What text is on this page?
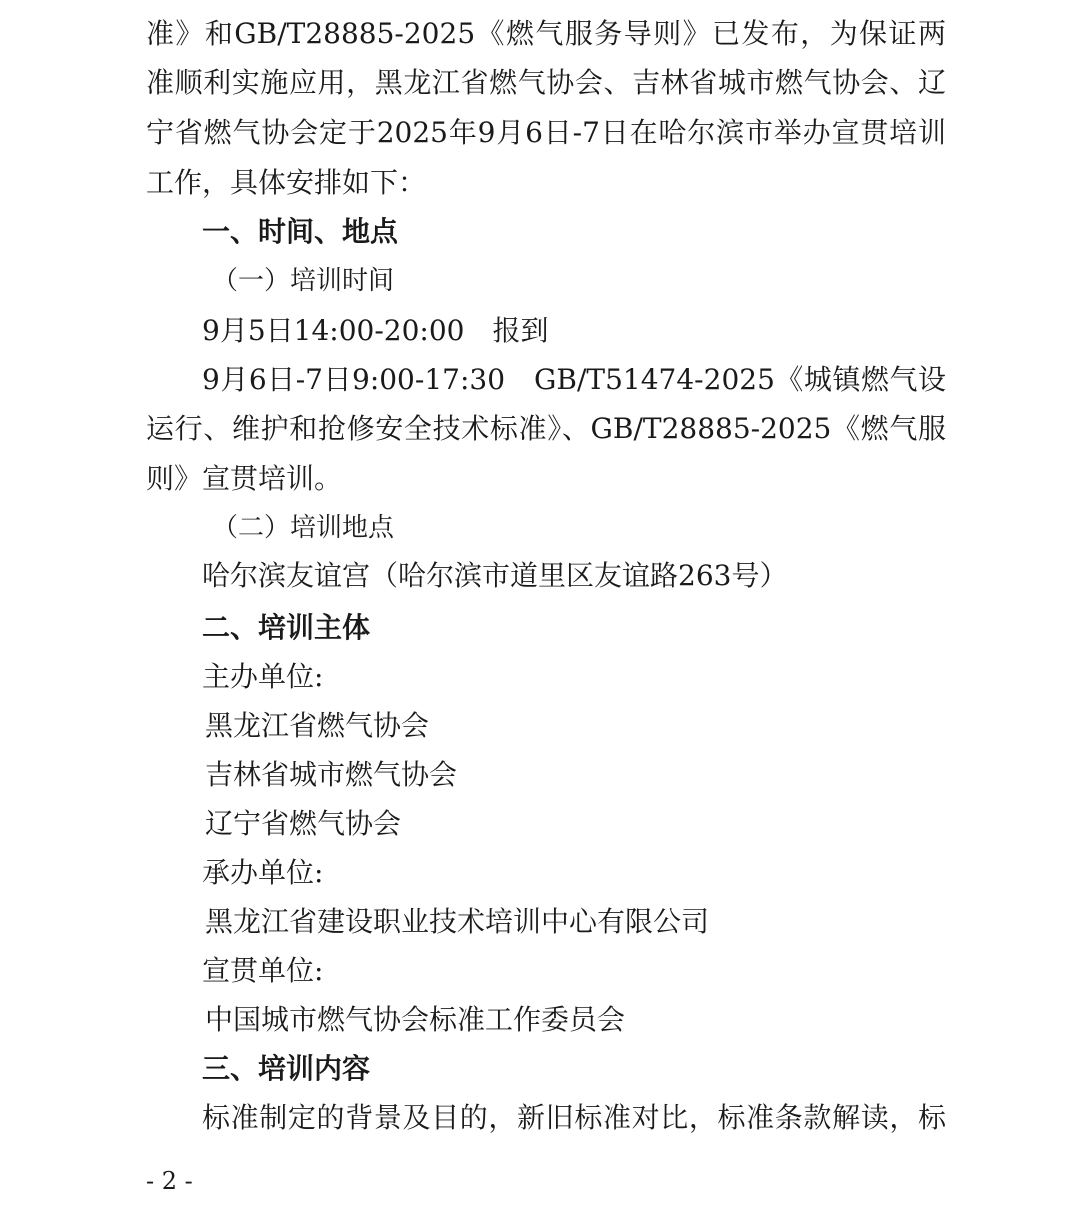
准》和GB/T28885-2025《燃气服务导则》已发布，为保证两
准顺利实施应用，黑龙江省燃气协会、吉林省城市燃气协会、辽
宁省燃气协会定于2025年9月6日-7日在哈尔滨市举办宣贯培训
工作，具体安排如下：
一、时间、地点
（一）培训时间
9月5日14:00-20:00　报到
9月6日-7日9:00-17:30　GB/T51474-2025《城镇燃气设
运行、维护和抢修安全技术标准》、GB/T28885-2025《燃气服
则》宣贯培训。
（二）培训地点
哈尔滨友谊宫（哈尔滨市道里区友谊路263号）
二、培训主体
主办单位:
黑龙江省燃气协会
吉林省城市燃气协会
辽宁省燃气协会
承办单位:
黑龙江省建设职业技术培训中心有限公司
宣贯单位:
中国城市燃气协会标准工作委员会
三、培训内容
标准制定的背景及目的，新旧标准对比，标准条款解读，标
- 2 -
